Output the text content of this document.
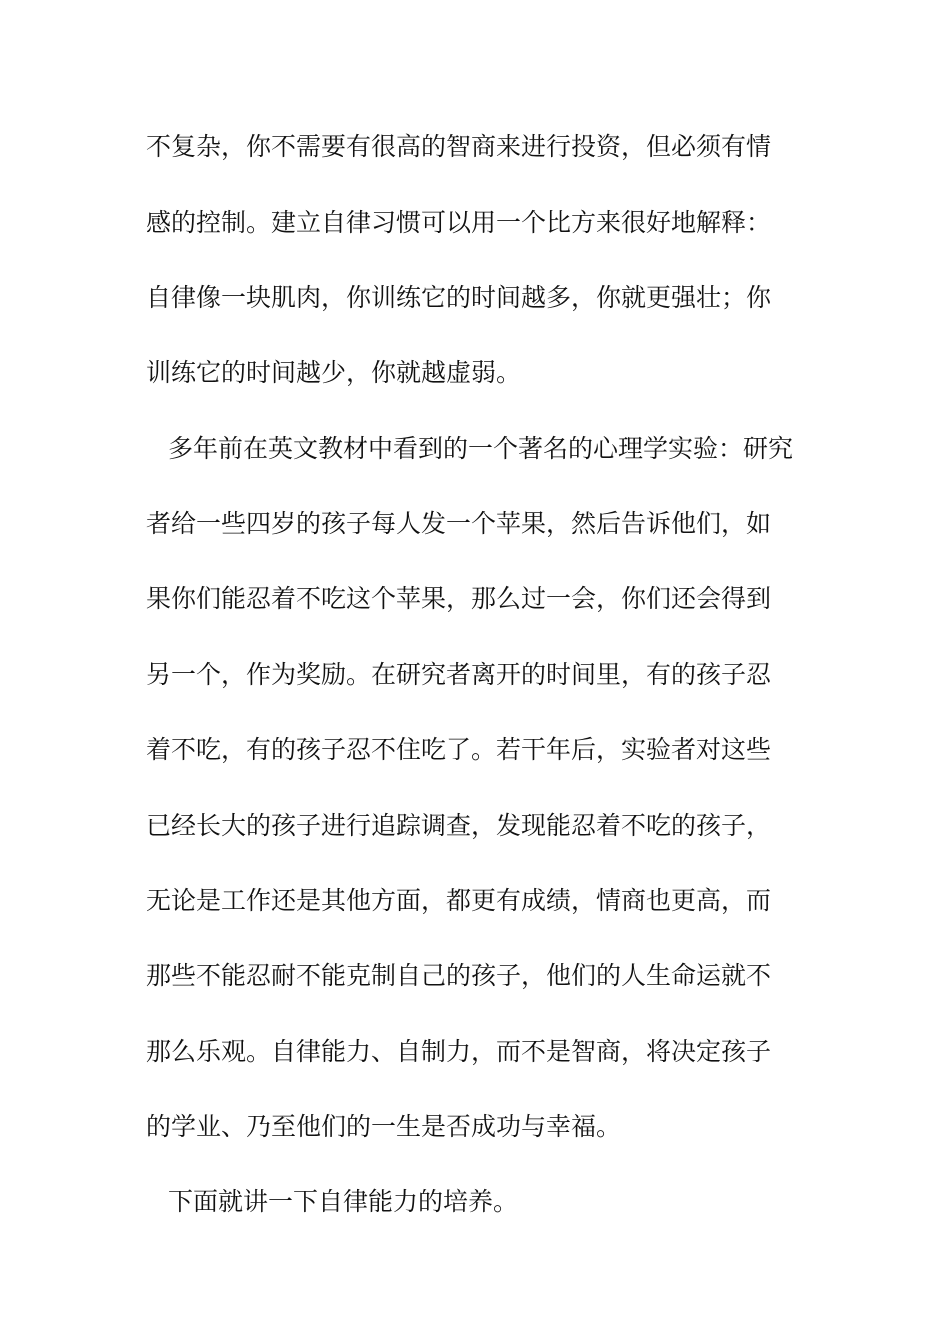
不复杂，你不需要有很高的智商来进行投资，但必须有情
感的控制。建立自律习惯可以用一个比方来很好地解释：
自律像一块肌肉，你训练它的时间越多，你就更强壮；你
训练它的时间越少，你就越虚弱。
多年前在英文教材中看到的一个著名的心理学实验：研究
者给一些四岁的孩子每人发一个苹果，然后告诉他们，如
果你们能忍着不吃这个苹果，那么过一会，你们还会得到
另一个，作为奖励。在研究者离开的时间里，有的孩子忍
着不吃，有的孩子忍不住吃了。若干年后，实验者对这些
已经长大的孩子进行追踪调查，发现能忍着不吃的孩子，
无论是工作还是其他方面，都更有成绩，情商也更高，而
那些不能忍耐不能克制自己的孩子，他们的人生命运就不
那么乐观。自律能力、自制力，而不是智商，将决定孩子
的学业、乃至他们的一生是否成功与幸福。
下面就讲一下自律能力的培养。
